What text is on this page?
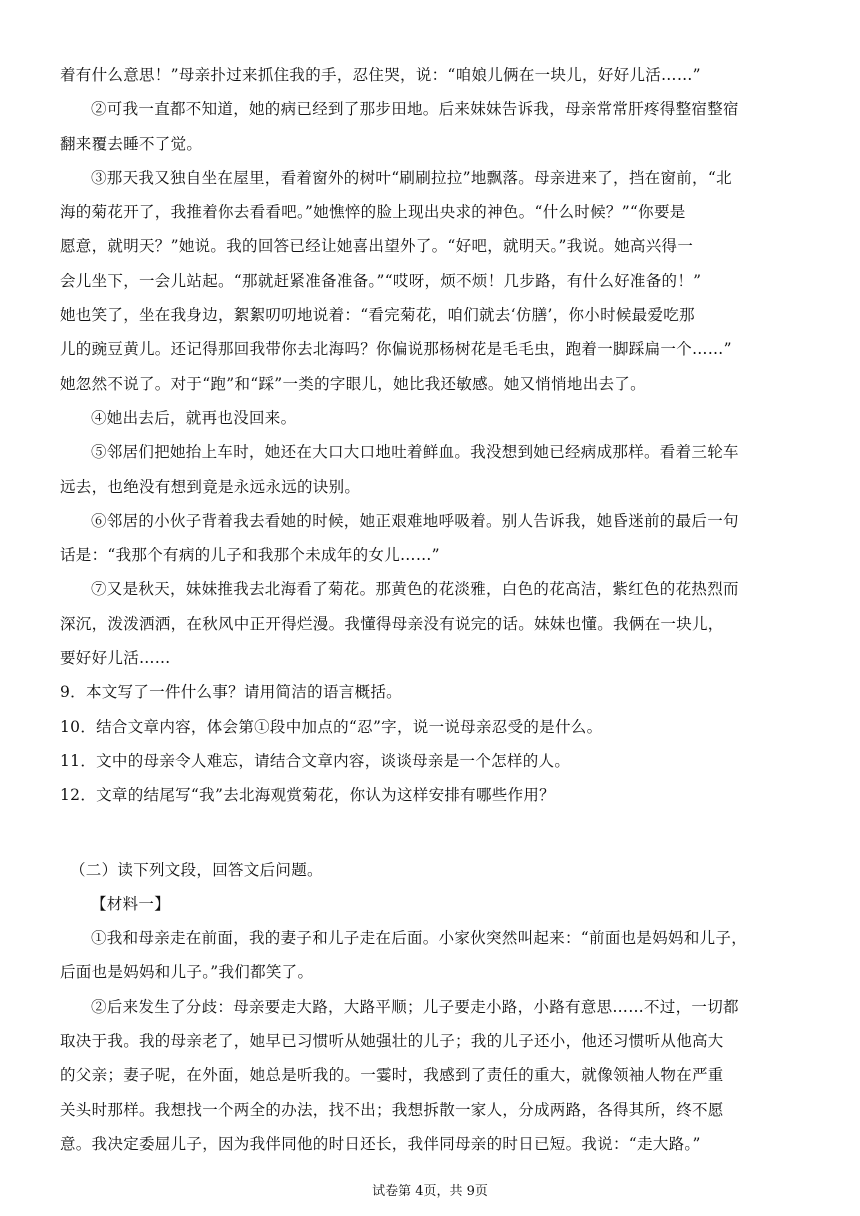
着有什么意思！”母亲扑过来抓住我的手，忍住哭，说：“咱娘儿俩在一块儿，好好儿活……”
②可我一直都不知道，她的病已经到了那步田地。后来妹妹告诉我，母亲常常肝疼得整宿整宿
翻来覆去睡不了觉。
③那天我又独自坐在屋里，看着窗外的树叶“刷刷拉拉”地飘落。母亲进来了，挡在窗前，“北
海的菊花开了，我推着你去看看吧。”她憔悴的脸上现出央求的神色。“什么时候？”“你要是
愿意，就明天？”她说。我的回答已经让她喜出望外了。“好吧，就明天。”我说。她高兴得一
会儿坐下，一会儿站起。“那就赶紧准备准备。”“哎呀，烦不烦！几步路，有什么好准备的！”
她也笑了，坐在我身边，絮絮叨叨地说着：“看完菊花，咱们就去‘仿膳’，你小时候最爱吃那
儿的豌豆黄儿。还记得那回我带你去北海吗？你偏说那杨树花是毛毛虫，跑着一脚踩扁一个……”
她忽然不说了。对于“跑”和“踩”一类的字眼儿，她比我还敏感。她又悄悄地出去了。
④她出去后，就再也没回来。
⑤邻居们把她抬上车时，她还在大口大口地吐着鲜血。我没想到她已经病成那样。看着三轮车
远去，也绝没有想到竟是永远永远的诀别。
⑥邻居的小伙子背着我去看她的时候，她正艰难地呼吸着。别人告诉我，她昏迷前的最后一句
话是：“我那个有病的儿子和我那个未成年的女儿……”
⑦又是秋天，妹妹推我去北海看了菊花。那黄色的花淡雅，白色的花高洁，紫红色的花热烈而
深沉，泼泼洒洒，在秋风中正开得烂漫。我懂得母亲没有说完的话。妹妹也懂。我俩在一块儿，
要好好儿活……
9．本文写了一件什么事？请用简洁的语言概括。
10．结合文章内容，体会第①段中加点的“忍”字，说一说母亲忍受的是什么。
11．文中的母亲令人难忘，请结合文章内容，谈谈母亲是一个怎样的人。
12．文章的结尾写“我”去北海观赏菊花，你认为这样安排有哪些作用？
（二）读下列文段，回答文后问题。
【材料一】
①我和母亲走在前面，我的妻子和儿子走在后面。小家伙突然叫起来：“前面也是妈妈和儿子，
后面也是妈妈和儿子。”我们都笑了。
②后来发生了分歧：母亲要走大路，大路平顺；儿子要走小路，小路有意思……不过，一切都
取决于我。我的母亲老了，她早已习惯听从她强壮的儿子；我的儿子还小，他还习惯听从他高大
的父亲；妻子呢，在外面，她总是听我的。一霎时，我感到了责任的重大，就像领袖人物在严重
关头时那样。我想找一个两全的办法，找不出；我想拆散一家人，分成两路，各得其所，终不愿
意。我决定委屈儿子，因为我伴同他的时日还长，我伴同母亲的时日已短。我说：“走大路。”
试卷第 4页，共 9页
